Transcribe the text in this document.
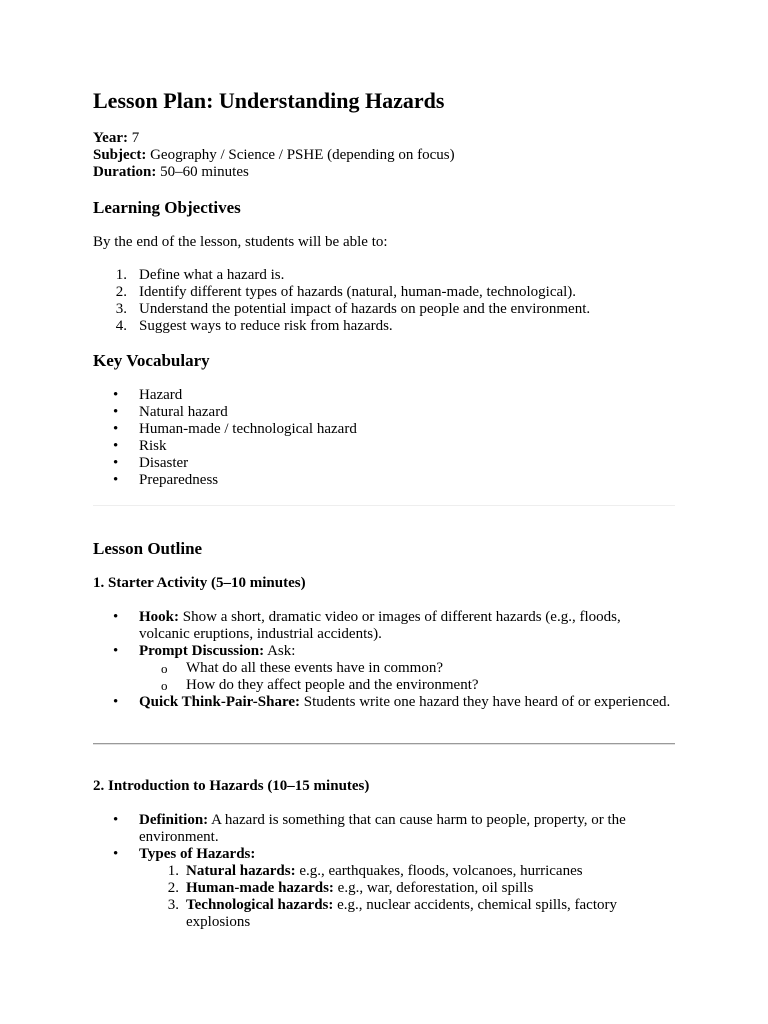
Lesson Plan: Understanding Hazards
Year: 7
Subject: Geography / Science / PSHE (depending on focus)
Duration: 50–60 minutes
Learning Objectives

By the end of the lesson, students will be able to:

1. Define what a hazard is.
2. Identify different types of hazards (natural, human-made, technological).
3. Understand the potential impact of hazards on people and the environment.
4. Suggest ways to reduce risk from hazards.
Key Vocabulary
• Hazard
• Natural hazard
• Human-made / technological hazard
• Risk
• Disaster
• Preparedness
Lesson Outline
1. Starter Activity (5–10 minutes)
• Hook: Show a short, dramatic video or images of different hazards (e.g., floods, volcanic eruptions, industrial accidents).
• Prompt Discussion: Ask:
o What do all these events have in common?
o How do they affect people and the environment?
• Quick Think-Pair-Share: Students write one hazard they have heard of or experienced.
2. Introduction to Hazards (10–15 minutes)
• Definition: A hazard is something that can cause harm to people, property, or the environment.
• Types of Hazards:
1. Natural hazards: e.g., earthquakes, floods, volcanoes, hurricanes
2. Human-made hazards: e.g., war, deforestation, oil spills
3. Technological hazards: e.g., nuclear accidents, chemical spills, factory explosions
